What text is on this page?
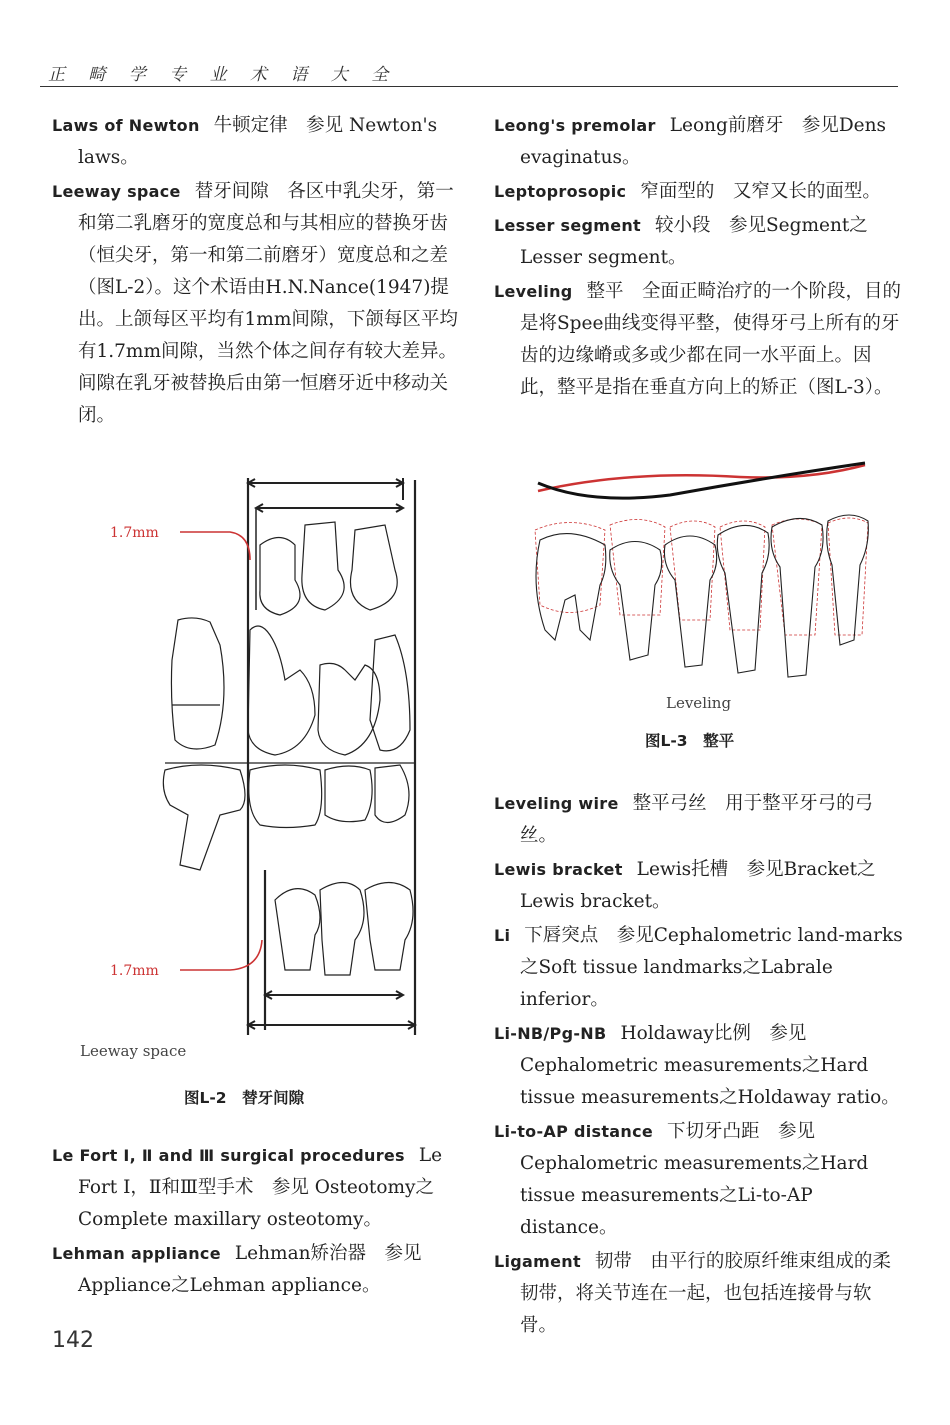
正 畸 学 专 业 术 语 大 全

Laws of Newton 牛顿定律　参见 Newton's laws。

Leeway space 替牙间隙　各区中乳尖牙，第一和第二乳磨牙的宽度总和与其相应的替换牙齿（恒尖牙，第一和第二前磨牙）宽度总和之差（图L-2）。这个术语由H.N.Nance(1947)提出。上颌每区平均有1mm间隙，下颌每区平均有1.7mm间隙，当然个体之间存有较大差异。间隙在乳牙被替换后由第一恒磨牙近中移动关闭。

1.7mm
1.7mm
Leeway space
图L-2　替牙间隙

Le Fort Ⅰ, Ⅱ and Ⅲ surgical procedures Le Fort Ⅰ，Ⅱ和Ⅲ型手术　参见 Osteotomy之Complete maxillary osteotomy。

Lehman appliance Lehman矫治器　参见Appliance之Lehman appliance。

Leong's premolar Leong前磨牙　参见Dens evaginatus。

Leptoprosopic 窄面型的　又窄又长的面型。

Lesser segment 较小段　参见Segment之Lesser segment。

Leveling 整平　全面正畸治疗的一个阶段，目的是将Spee曲线变得平整，使得牙弓上所有的牙齿的边缘嵴或多或少都在同一水平面上。因此，整平是指在垂直方向上的矫正（图L-3）。

Leveling
图L-3　整平

Leveling wire 整平弓丝　用于整平牙弓的弓丝。

Lewis bracket Lewis托槽　参见Bracket之Lewis bracket。

Li 下唇突点　参见Cephalometric land-marks之Soft tissue landmarks之Labrale inferior。

Li-NB/Pg-NB Holdaway比例　参见Cephalometric measurements之Hard tissue measurements之Holdaway ratio。

Li-to-AP distance 下切牙凸距　参见Cephalometric measurements之Hard tissue measurements之Li-to-AP distance。

Ligament 韧带　由平行的胶原纤维束组成的柔韧带，将关节连在一起，也包括连接骨与软骨。

142
